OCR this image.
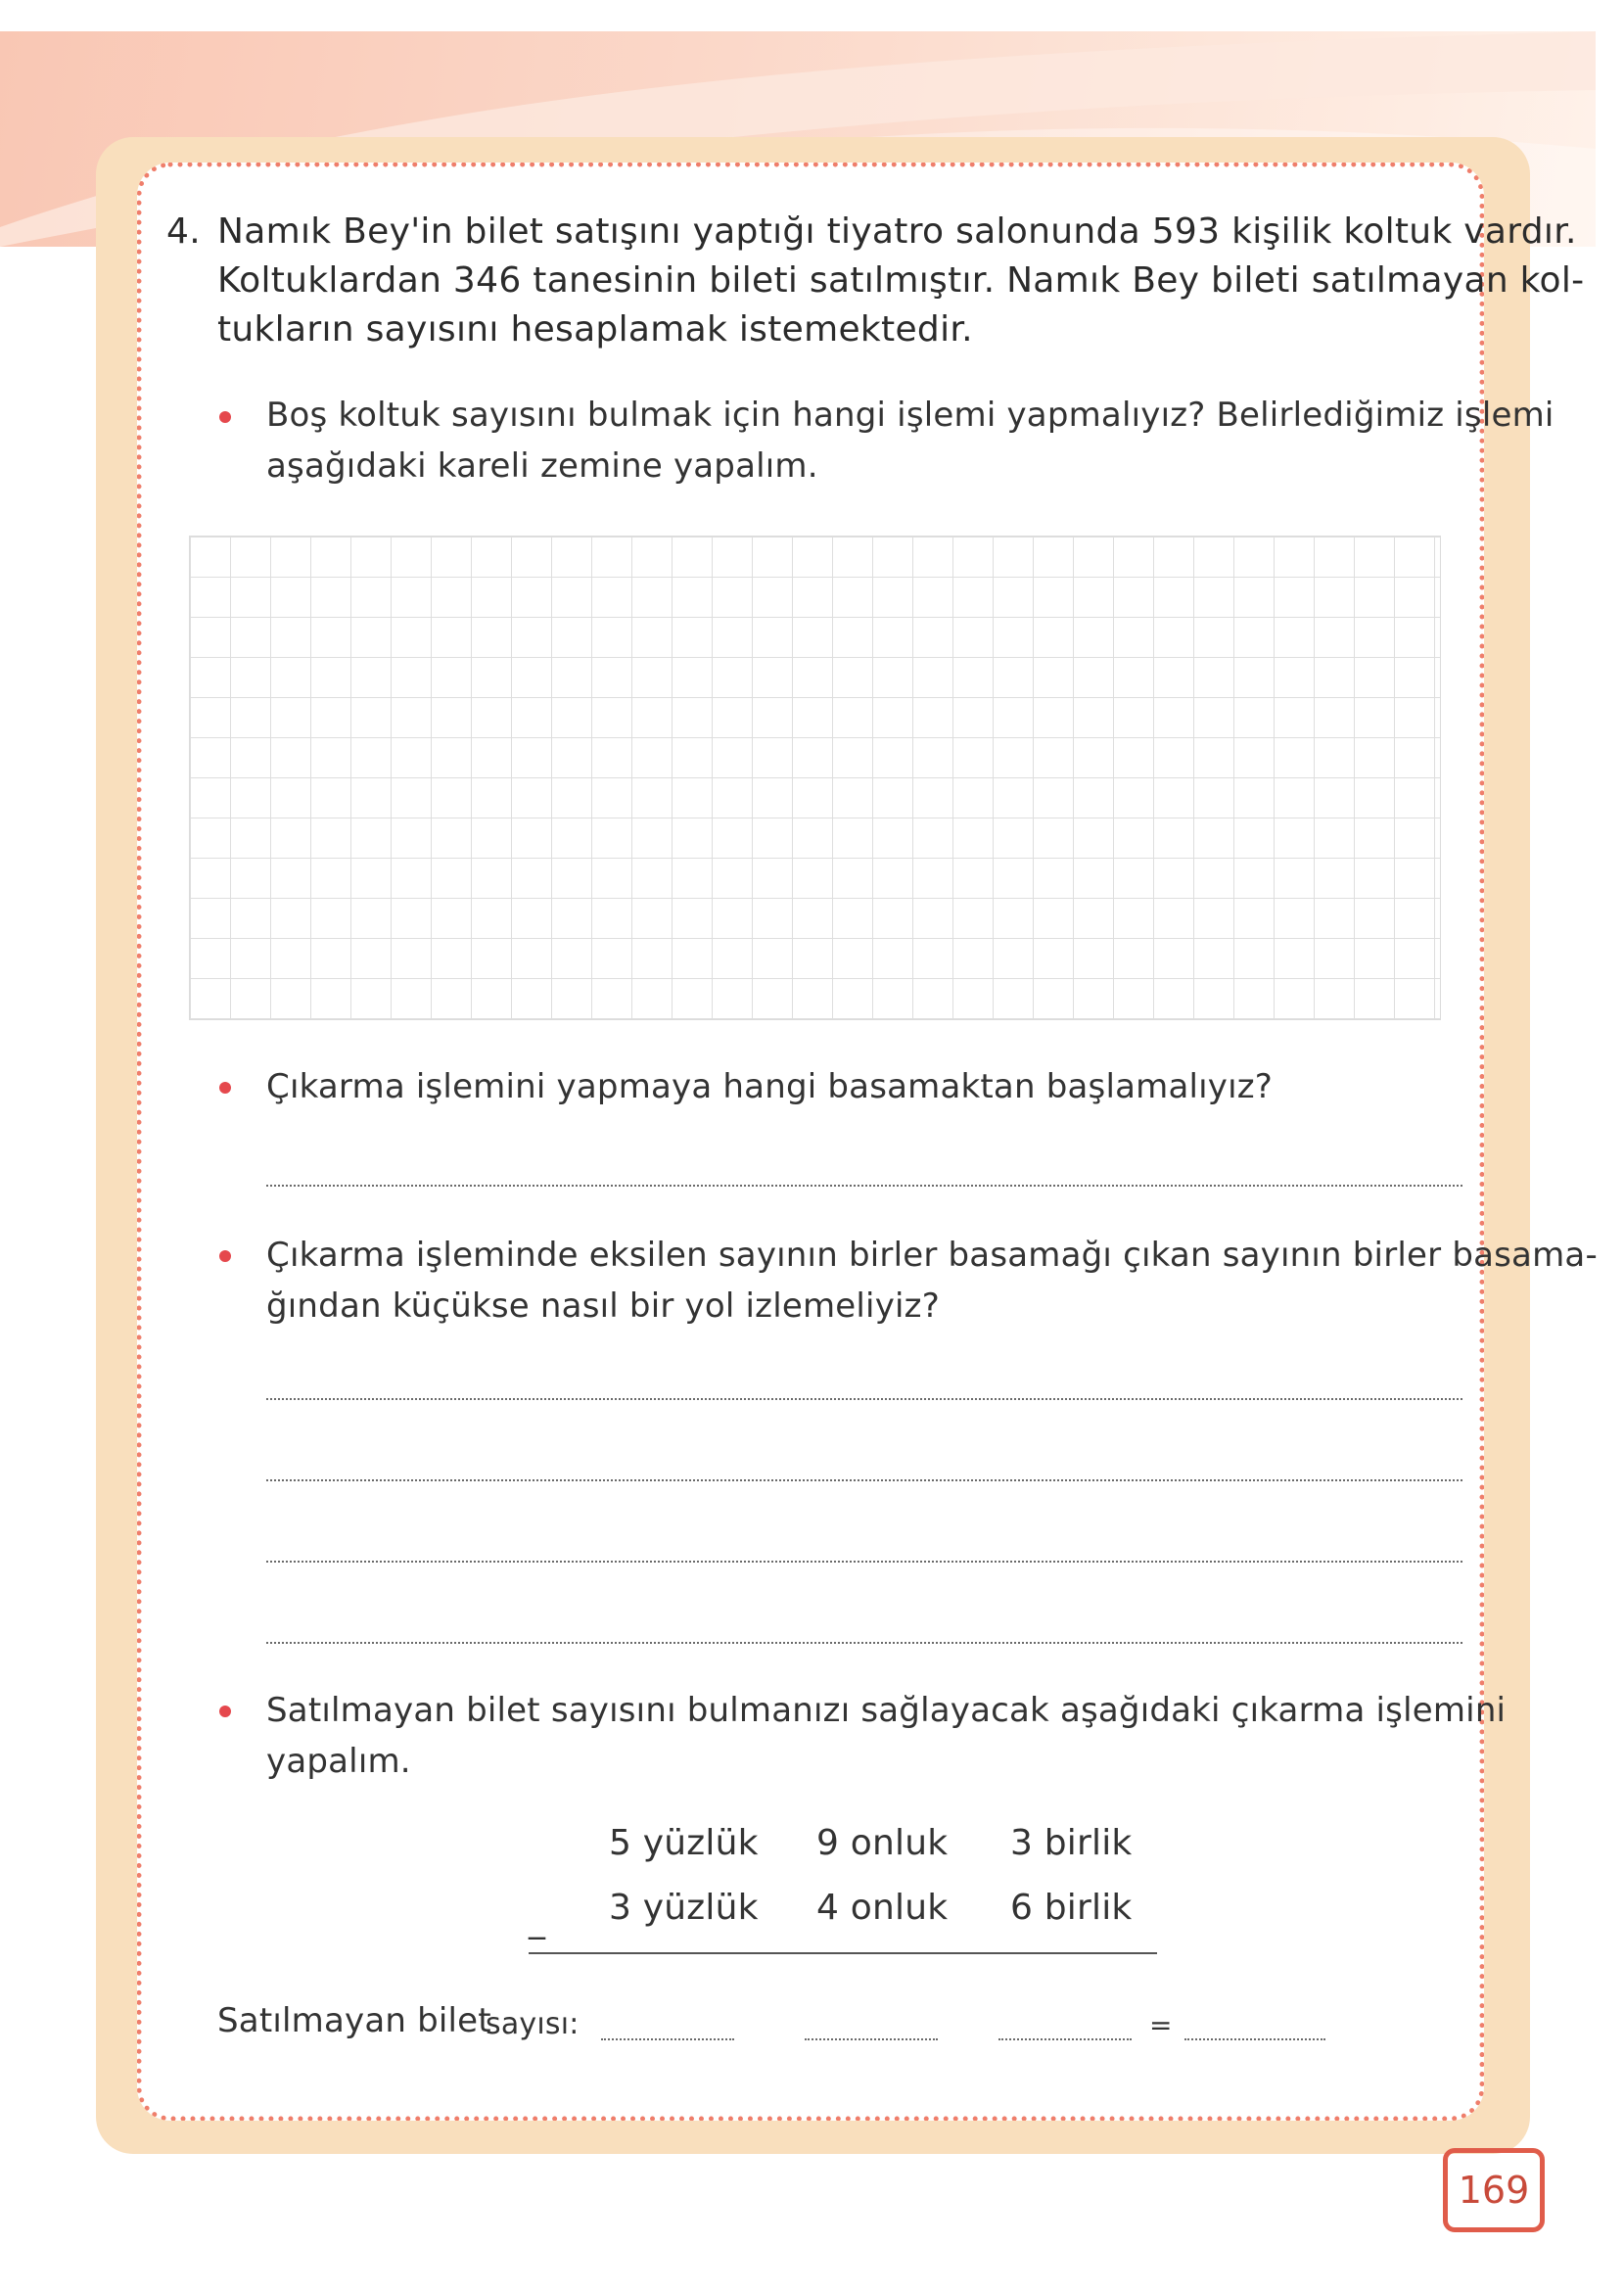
4. Namık Bey'in bilet satışını yaptığı tiyatro salonunda 593 kişilik koltuk vardır.
Koltuklardan 346 tanesinin bileti satılmıştır. Namık Bey bileti satılmayan kol-
tukların sayısını hesaplamak istemektedir.
Boş koltuk sayısını bulmak için hangi işlemi yapmalıyız? Belirlediğimiz işlemi
aşağıdaki kareli zemine yapalım.
Çıkarma işlemini yapmaya hangi basamaktan başlamalıyız?
Çıkarma işleminde eksilen sayının birler basamağı çıkan sayının birler basama-
ğından küçükse nasıl bir yol izlemeliyiz?
Satılmayan bilet sayısını bulmanızı sağlayacak aşağıdaki çıkarma işlemini
yapalım.
5 yüzlük 9 onluk 3 birlik
3 yüzlük 4 onluk 6 birlik
_
Satılmayan bilet
sayısı:	=
169
